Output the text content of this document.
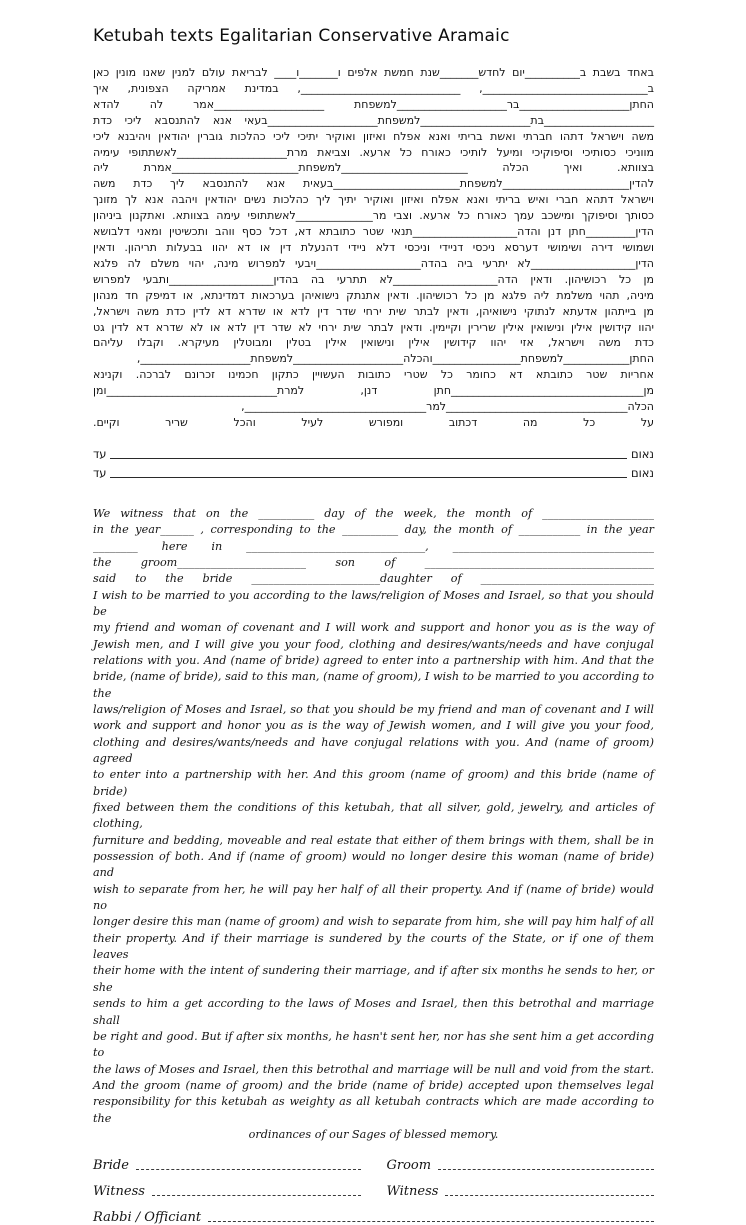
Ketubah texts Egalitarian Conservative Aramaic
באחד בשבת ב__________יום לחדש_______שנת חמשת אלפים ו_______ו____ לבריאת עולם למנין שאנו מונין כאן
ב______________________________, _____________________________, במדינת אמריקה הצפונית, איך
החתן____________________בר____________________למשפחת ____________________אמר לה להדא
____________________בת____________________למשפחת____________________בעאי אנא להתנסבא ליכי כדת
משה וישראל דתהו חברתי ואשת בריתי ואנא אפלח ואיזון ואוקיר יתיכי ליכי כהלכות גוברין יהודאין ויהיבנא ליכי
מווניכי כסותיכי וסיפוקיכי ומיעל לותיכי כאורח כל ארעא. וצביאת מרת____________________לאשתתופי עימיה
בצוותא. ואיך הכלה _______________________למשפחת_______________________אמרת ליה
להדין_______________________למשפחת_______________________בעאית אנא להתנסבא ליך כדת משה
וישראל דתהא חברי ואיש בריתי ואנא אפלח ואיזון ואוקיר יתיך ליך כהלכות נשים יהודאין ויהבה אנא לך מזונך
כסותך וסיפוקך ומישכב עמך כאורח כל ארעא. וצבי מר______________לאשתתופי עימה בצוותא. ואתקנון ביניהון
הדין_________חתן דנן והדה___________________תנאי שטר כתובתא דא, דכל כסף ווהב ותכשיטין ומאני דלבושא
ושמושי דירה ושימושי דערסא ניכסי דניידי וניכסי דלא ניידי דהנעלת דין או דא יהוו בבעלות תריהון. ודאין
הדין___________________לא יתרעי ביה בהדה___________________ויבעי למפרוש מינה, יהוי משלם לה פלגא
מן כל רכושיהון. ודאין הדה___________________לא תתרעי בה בהדין___________________ותבעי למפרוש
מיניה, תהוי משלמת ליה פלגא מן כל רכושיהון. ודאין אתנתק נישואיהן בערכאות דמדינתא, או דמיפק חד מנהון
מן בייתהון אדעתא לנתוקי נישואיהן, ודאין לבתר שית ירחי שדר דין לדא או שדרא דא לדין כדת משה וישראל,
יהוו קידושין אילין ונישואין אילין שרירין וקיימין. ודאין לבתר שית ירחי לא שדר דין לדא או לא שדרא דא לדין גט
כדת משה וישראל, אזי יהוו קידושין אילין ונישואין אילין בטלין ומבוטלין מעיקרא. וקבלו עליהם
החתן____________למשפחת________________והכלה____________________למשפחת____________________,
אחריות שטר כתובתא דא כחומר כל שטרי כתובות העשויין כתקון חכמינו זכרונם לברכה. וקנינא
מן___________________________________חתן דנן, למרת_______________________________ומן
הכלה_________________________________למר_________________________________,
על כל מה דכתוב ומפורש לעיל והכל שריר וקיים.
נאום
עד
נאום
עד
We witness that on the __________ day of the week, the month of ____________________
in the year______ , corresponding to the __________ day, the month of ___________ in the year
________ here in ________________________________, ____________________________________
the groom_______________________ son of _________________________________________
said to the bride _______________________daughter of _______________________________
I wish to be married to you according to the laws/religion of Moses and Israel, so that you should be
my friend and woman of covenant and I will work and support and honor you as is the way of
Jewish men, and I will give you your food, clothing and desires/wants/needs and have conjugal
relations with you. And (name of bride) agreed to enter into a partnership with him. And that the
bride, (name of bride), said to this man, (name of groom), I wish to be married to you according to the
laws/religion of Moses and Israel, so that you should be my friend and man of covenant and I will
work and support and honor you as is the way of Jewish women, and I will give you your food,
clothing and desires/wants/needs and have conjugal relations with you. And (name of groom) agreed
to enter into a partnership with her. And this groom (name of groom) and this bride (name of bride)
fixed between them the conditions of this ketubah, that all silver, gold, jewelry, and articles of clothing,
furniture and bedding, moveable and real estate that either of them brings with them, shall be in
possession of both. And if (name of groom) would no longer desire this woman (name of bride) and
wish to separate from her, he will pay her half of all their property. And if (name of bride) would no
longer desire this man (name of groom) and wish to separate from him, she will pay him half of all
their property. And if their marriage is sundered by the courts of the State, or if one of them leaves
their home with the intent of sundering their marriage, and if after six months he sends to her, or she
sends to him a get according to the laws of Moses and Israel, then this betrothal and marriage shall
be right and good. But if after six months, he hasn't sent her, nor has she sent him a get according to
the laws of Moses and Israel, then this betrothal and marriage will be null and void from the start.
And the groom (name of groom) and the bride (name of bride) accepted upon themselves legal
responsibility for this ketubah as weighty as all ketubah contracts which are made according to the
ordinances of our Sages of blessed memory.
Bride	Groom
Witness	Witness
Rabbi / Officiant
